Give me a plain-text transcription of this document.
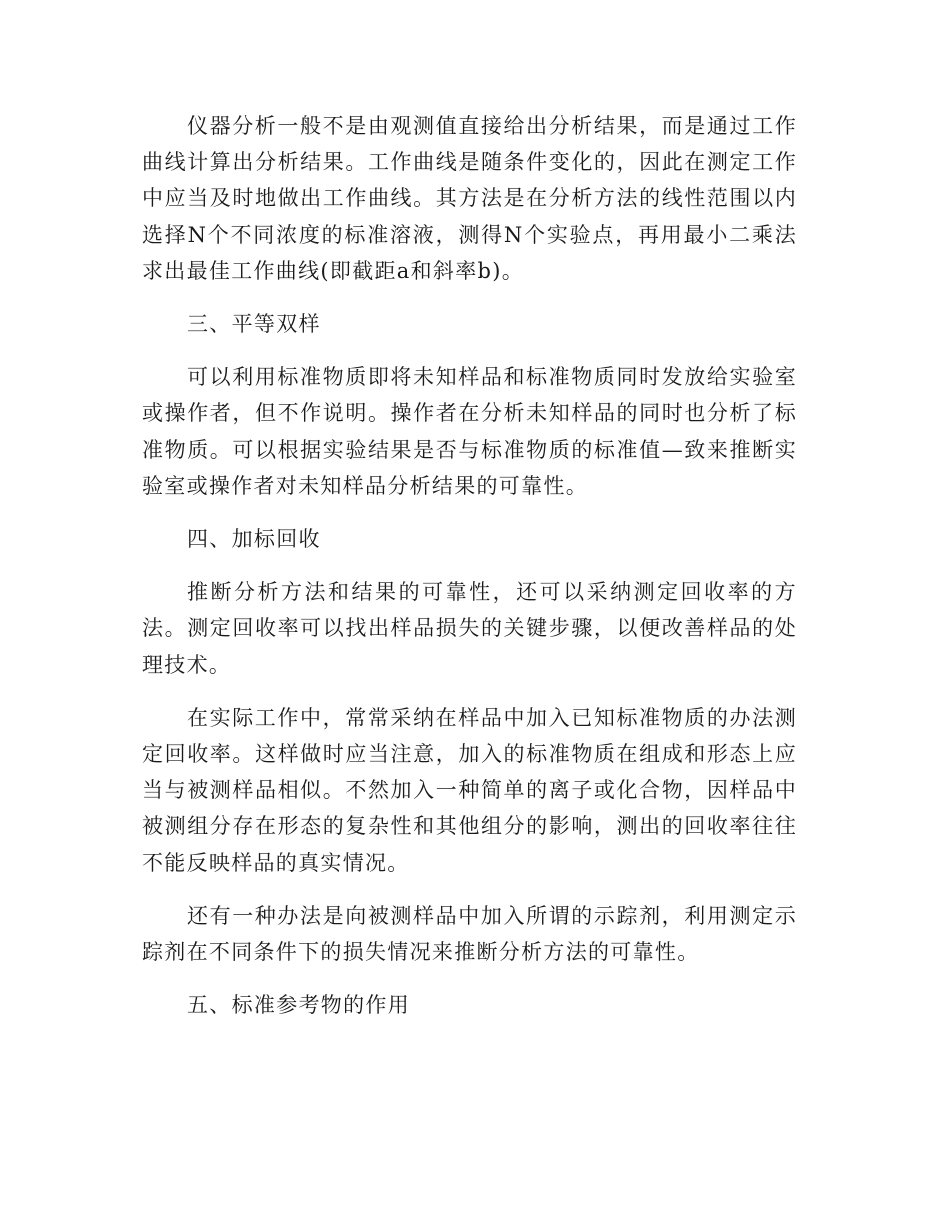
仪器分析一般不是由观测值直接给出分析结果，而是通过工作曲线计算出分析结果。工作曲线是随条件变化的，因此在测定工作中应当及时地做出工作曲线。其方法是在分析方法的线性范围以内选择N个不同浓度的标准溶液，测得N个实验点，再用最小二乘法求出最佳工作曲线(即截距a和斜率b)。

三、平等双样

可以利用标准物质即将未知样品和标准物质同时发放给实验室或操作者，但不作说明。操作者在分析未知样品的同时也分析了标准物质。可以根据实验结果是否与标准物质的标准值—致来推断实验室或操作者对未知样品分析结果的可靠性。

四、加标回收

推断分析方法和结果的可靠性，还可以采纳测定回收率的方法。测定回收率可以找出样品损失的关键步骤，以便改善样品的处理技术。

在实际工作中，常常采纳在样品中加入已知标准物质的办法测定回收率。这样做时应当注意，加入的标准物质在组成和形态上应当与被测样品相似。不然加入一种简单的离子或化合物，因样品中被测组分存在形态的复杂性和其他组分的影响，测出的回收率往往不能反映样品的真实情况。

还有一种办法是向被测样品中加入所谓的示踪剂，利用测定示踪剂在不同条件下的损失情况来推断分析方法的可靠性。

五、标准参考物的作用
